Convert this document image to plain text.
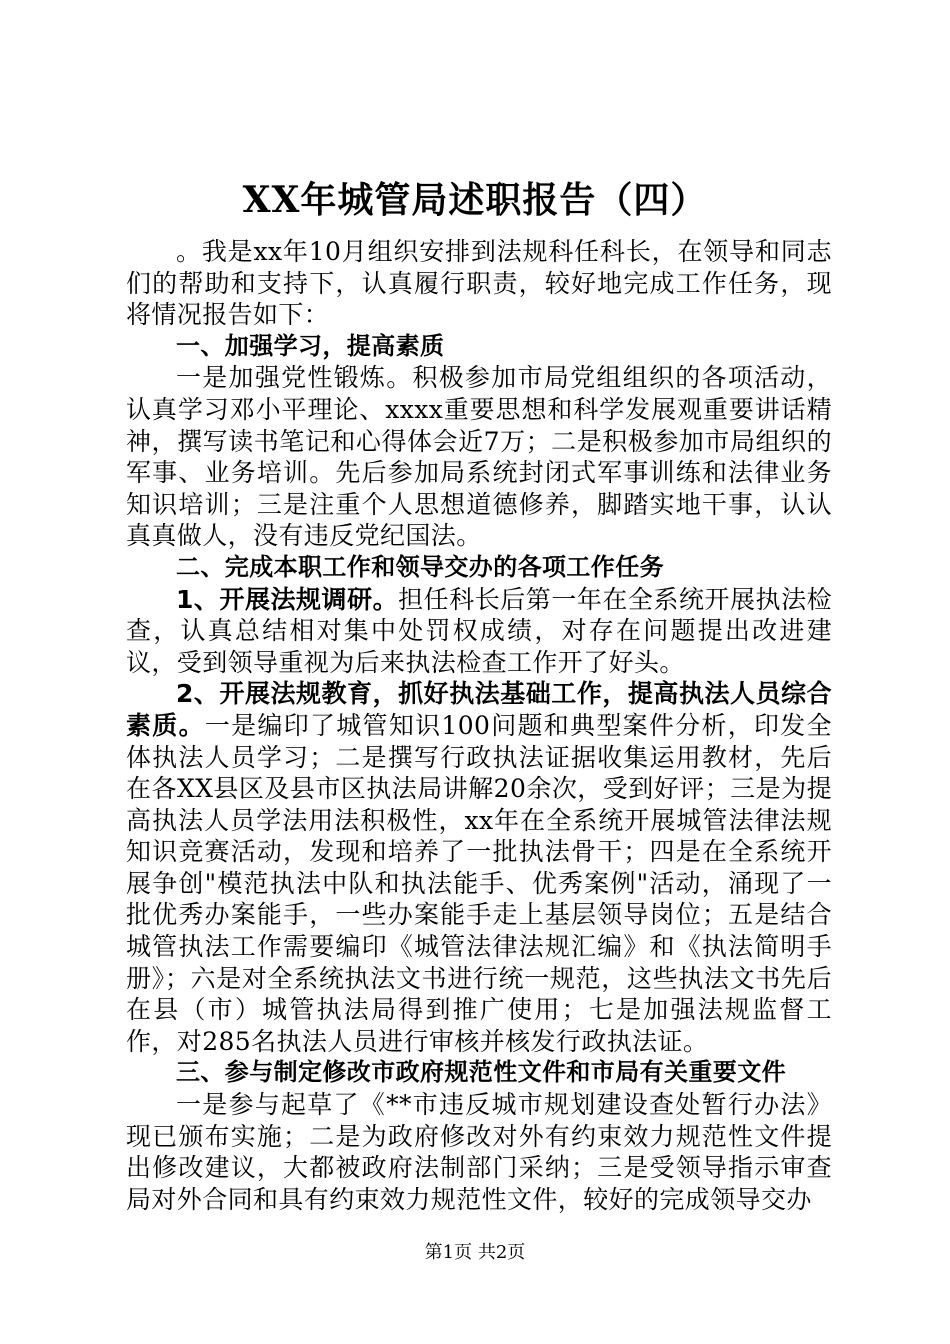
XX年城管局述职报告（四）

。我是xx年10月组织安排到法规科任科长，在领导和同志们的帮助和支持下，认真履行职责，较好地完成工作任务，现将情况报告如下：

一、加强学习，提高素质

一是加强党性锻炼。积极参加市局党组组织的各项活动，认真学习邓小平理论、xxxx重要思想和科学发展观重要讲话精神，撰写读书笔记和心得体会近7万；二是积极参加市局组织的军事、业务培训。先后参加局系统封闭式军事训练和法律业务知识培训；三是注重个人思想道德修养，脚踏实地干事，认认真真做人，没有违反党纪国法。

二、完成本职工作和领导交办的各项工作任务

1、开展法规调研。担任科长后第一年在全系统开展执法检查，认真总结相对集中处罚权成绩，对存在问题提出改进建议，受到领导重视为后来执法检查工作开了好头。

2、开展法规教育，抓好执法基础工作，提高执法人员综合素质。一是编印了城管知识100问题和典型案件分析，印发全体执法人员学习；二是撰写行政执法证据收集运用教材，先后在各XX县区及县市区执法局讲解20余次，受到好评；三是为提高执法人员学法用法积极性，xx年在全系统开展城管法律法规知识竞赛活动，发现和培养了一批执法骨干；四是在全系统开展争创"模范执法中队和执法能手、优秀案例"活动，涌现了一批优秀办案能手，一些办案能手走上基层领导岗位；五是结合城管执法工作需要编印《城管法律法规汇编》和《执法简明手册》；六是对全系统执法文书进行统一规范，这些执法文书先后在县（市）城管执法局得到推广使用；七是加强法规监督工作，对285名执法人员进行审核并核发行政执法证。

三、参与制定修改市政府规范性文件和市局有关重要文件

一是参与起草了《**市违反城市规划建设查处暂行办法》现已颁布实施；二是为政府修改对外有约束效力规范性文件提出修改建议，大都被政府法制部门采纳；三是受领导指示审查局对外合同和具有约束效力规范性文件，较好的完成领导交办

第1页 共2页
